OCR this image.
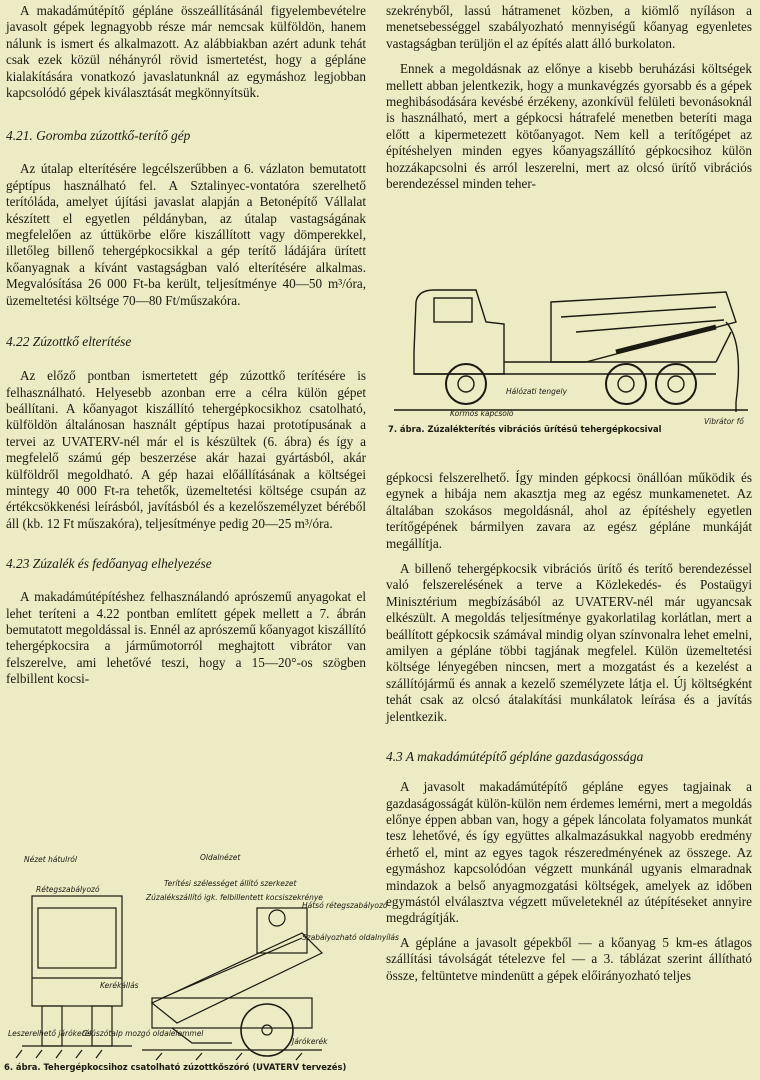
A makadámútépítő gépláne összeállításánál figyelembevételre javasolt gépek legnagyobb része már nemcsak külföldön, hanem nálunk is ismert és alkalmazott. Az alábbiakban azért adunk tehát csak ezek közül néhányról rövid ismertetést, hogy a gépláne kialakítására vonatkozó javaslatunknál az egymáshoz legjobban kapcsolódó gépek kiválasztását megkönnyítsük.

4.21. Goromba zúzottkő-terítő gép

Az útalap elterítésére legcélszerűbben a 6. vázlaton bemutatott géptípus használható fel. A Sztalinyec-vontatóra szerelhető terítóláda, amelyet újítási javaslat alapján a Betonépítő Vállalat készített el egyetlen példányban, az útalap vastagságának megfelelően az úttükörbe előre kiszállított vagy dömperekkel, illetőleg billenő tehergépkocsikkal a gép terítő ládájára ürített kőanyagnak a kívánt vastagságban való elterítésére alkalmas. Megvalósítása 26 000 Ft-ba került, teljesítménye 40—50 m³/óra, üzemeltetési költsége 70—80 Ft/műszakóra.

4.22 Zúzottkő elterítése

Az előző pontban ismertetett gép zúzottkő terítésére is felhasználható. Helyesebb azonban erre a célra külön gépet beállítani. A kőanyagot kiszállító tehergépkocsikhoz csatolható, külföldön általánosan használt géptípus hazai prototípusának a tervei az UVATERV-nél már el is készültek (6. ábra) és így a megfelelő számú gép beszerzése akár hazai gyártásból, akár külföldről megoldható. A gép hazai előállításának a költségei mintegy 40 000 Ft-ra tehetők, üzemeltetési költsége csupán az értékcsökkenési leírásból, javításból és a kezelőszemélyzet béréből áll (kb. 12 Ft műszakóra), teljesítménye pedig 20—25 m³/óra.

4.23 Zúzalék és fedőanyag elhelyezése

A makadámútépítéshez felhasználandó aprószemű anyagokat el lehet teríteni a 4.22 pontban említett gépek mellett a 7. ábrán bemutatott megoldással is. Ennél az aprószemű kőanyagot kiszállító tehergépkocsira a járműmotorról meghajtott vibrátor van felszerelve, ami lehetővé teszi, hogy a 15—20°-os szögben felbillent kocsi-

Nézet hátulról	Oldalnézet
Rétegszabályozó
Terítési szélességet állító szerkezet
Zúzalékszállító igk. felbillentett kocsiszekrénye
Hátsó rétegszabályozó
Szabályozható oldalnyílás
Kerékállás
Leszerelhető járókerék
Csúszótalp mozgó oldalelemmel
Járókerék
6. ábra. Tehergépkocsihoz csatolható zúzottkőszóró (UVATERV tervezés)

szekrényből, lassú hátramenet közben, a kiömlő nyíláson a menetsebességgel szabályozható mennyiségű kőanyag egyenletes vastagságban terüljön el az építés alatt álló burkolaton.

Ennek a megoldásnak az előnye a kisebb beruházási költségek mellett abban jelentkezik, hogy a munkavégzés gyorsabb és a gépek meghibásodására kevésbé érzékeny, azonkívül felületi bevonásoknál is használható, mert a gépkocsi hátrafelé menetben beteríti maga előtt a kipermetezett kötőanyagot. Nem kell a terítőgépet az építéshelyen minden egyes kőanyagszállító gépkocsihoz külön hozzákapcsolni és arról leszerelni, mert az olcsó ürítő vibrációs berendezéssel minden teher-

Hálózati tengely
Kormós kapcsoló
Vibrátor fő
7. ábra. Zúzalékterítés vibrációs ürítésű tehergépkocsival

gépkocsi felszerelhető. Így minden gépkocsi önállóan működik és egynek a hibája nem akasztja meg az egész munkamenetet. Az általában szokásos megoldásnál, ahol az építéshely egyetlen terítőgépének bármilyen zavara az egész gépláne munkáját megállítja.

A billenő tehergépkocsik vibrációs ürítő és terítő berendezéssel való felszerelésének a terve a Közlekedés- és Postaügyi Minisztérium megbízásából az UVATERV-nél már ugyancsak elkészült. A megoldás teljesítménye gyakorlatilag korlátlan, mert a beállított gépkocsik számával mindig olyan színvonalra lehet emelni, amilyen a gépláne többi tagjának megfelel. Külön üzemeltetési költsége lényegében nincsen, mert a mozgatást és a kezelést a szállítójármű és annak a kezelő személyzete látja el. Új költségként tehát csak az olcsó átalakítási munkálatok leírása és a javítás jelentkezik.

4.3 A makadámútépítő gépláne gazdaságossága

A javasolt makadámútépítő gépláne egyes tagjainak a gazdaságosságát külön-külön nem érdemes lemérni, mert a megoldás előnye éppen abban van, hogy a gépek láncolata folyamatos munkát tesz lehetővé, és így együttes alkalmazásukkal nagyobb eredmény érhető el, mint az egyes tagok részeredményének az összege. Az egymáshoz kapcsolódóan végzett munkánál ugyanis elmaradnak mindazok a belső anyagmozgatási költségek, amelyek az időben egymástól elválasztva végzett műveleteknél az útépítéseket annyire megdrágítják.

A gépláne a javasolt gépekből — a kőanyag 5 km-es átlagos szállítási távolságát tételezve fel — a 3. táblázat szerint állítható össze, feltüntetve mindenütt a gépek előirányozható teljes
